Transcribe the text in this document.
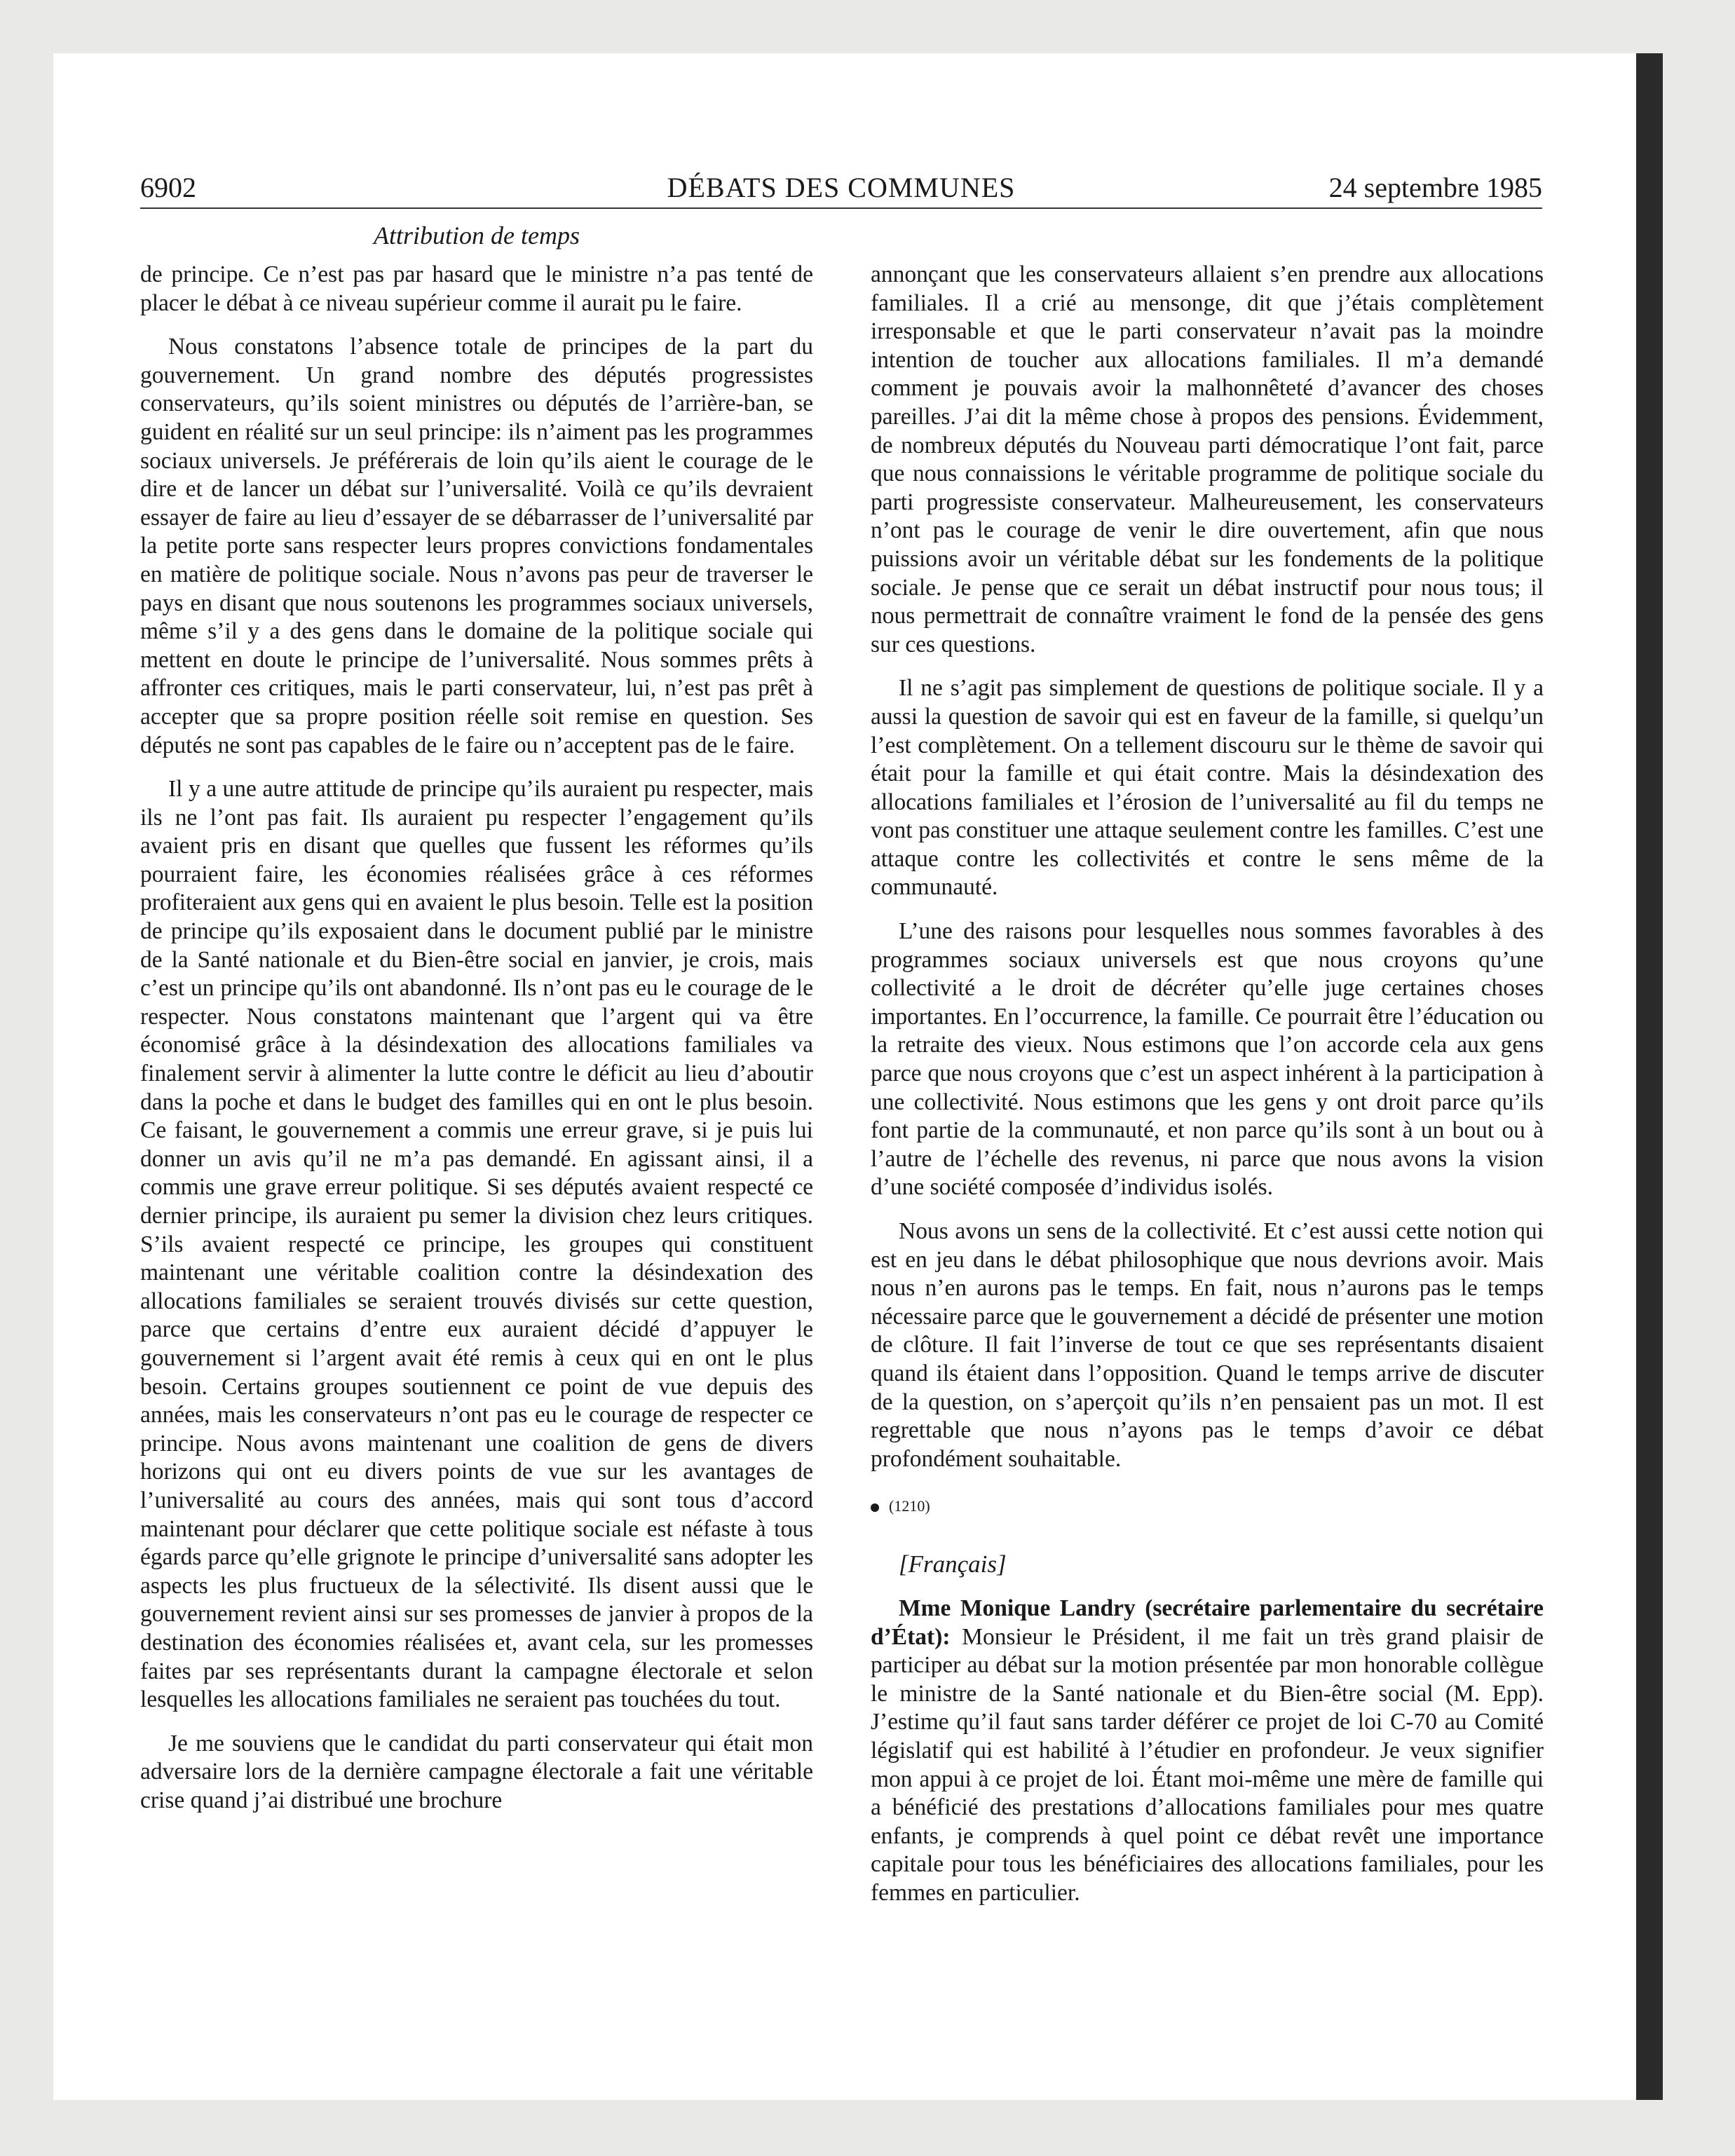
6902	DÉBATS DES COMMUNES	24 septembre 1985
Attribution de temps

de principe. Ce n’est pas par hasard que le ministre n’a pas tenté de placer le débat à ce niveau supérieur comme il aurait pu le faire.

Nous constatons l’absence totale de principes de la part du gouvernement. Un grand nombre des députés progressistes conservateurs, qu’ils soient ministres ou députés de l’arrière-ban, se guident en réalité sur un seul principe: ils n’aiment pas les programmes sociaux universels. Je préférerais de loin qu’ils aient le courage de le dire et de lancer un débat sur l’universalité. Voilà ce qu’ils devraient essayer de faire au lieu d’essayer de se débarrasser de l’universalité par la petite porte sans respecter leurs propres convictions fondamentales en matière de politique sociale. Nous n’avons pas peur de traverser le pays en disant que nous soutenons les programmes sociaux universels, même s’il y a des gens dans le domaine de la politique sociale qui mettent en doute le principe de l’universalité. Nous sommes prêts à affronter ces critiques, mais le parti conservateur, lui, n’est pas prêt à accepter que sa propre position réelle soit remise en question. Ses députés ne sont pas capables de le faire ou n’acceptent pas de le faire.

Il y a une autre attitude de principe qu’ils auraient pu respecter, mais ils ne l’ont pas fait. Ils auraient pu respecter l’engagement qu’ils avaient pris en disant que quelles que fussent les réformes qu’ils pourraient faire, les économies réalisées grâce à ces réformes profiteraient aux gens qui en avaient le plus besoin. Telle est la position de principe qu’ils exposaient dans le document publié par le ministre de la Santé nationale et du Bien-être social en janvier, je crois, mais c’est un principe qu’ils ont abandonné. Ils n’ont pas eu le courage de le respecter. Nous constatons maintenant que l’argent qui va être économisé grâce à la désindexation des allocations familiales va finalement servir à alimenter la lutte contre le déficit au lieu d’aboutir dans la poche et dans le budget des familles qui en ont le plus besoin. Ce faisant, le gouvernement a commis une erreur grave, si je puis lui donner un avis qu’il ne m’a pas demandé. En agissant ainsi, il a commis une grave erreur politique. Si ses députés avaient respecté ce dernier principe, ils auraient pu semer la division chez leurs critiques. S’ils avaient respecté ce principe, les groupes qui constituent maintenant une véritable coalition contre la désindexation des allocations familiales se seraient trouvés divisés sur cette question, parce que certains d’entre eux auraient décidé d’appuyer le gouvernement si l’argent avait été remis à ceux qui en ont le plus besoin. Certains groupes soutiennent ce point de vue depuis des années, mais les conservateurs n’ont pas eu le courage de respecter ce principe. Nous avons maintenant une coalition de gens de divers horizons qui ont eu divers points de vue sur les avantages de l’universalité au cours des années, mais qui sont tous d’accord maintenant pour déclarer que cette politique sociale est néfaste à tous égards parce qu’elle grignote le principe d’universalité sans adopter les aspects les plus fructueux de la sélectivité. Ils disent aussi que le gouvernement revient ainsi sur ses promesses de janvier à propos de la destination des économies réalisées et, avant cela, sur les promesses faites par ses représentants durant la campagne électorale et selon lesquelles les allocations familiales ne seraient pas touchées du tout.

Je me souviens que le candidat du parti conservateur qui était mon adversaire lors de la dernière campagne électorale a fait une véritable crise quand j’ai distribué une brochure

annonçant que les conservateurs allaient s’en prendre aux allocations familiales. Il a crié au mensonge, dit que j’étais complètement irresponsable et que le parti conservateur n’avait pas la moindre intention de toucher aux allocations familiales. Il m’a demandé comment je pouvais avoir la malhonnêteté d’avancer des choses pareilles. J’ai dit la même chose à propos des pensions. Évidemment, de nombreux députés du Nouveau parti démocratique l’ont fait, parce que nous connaissions le véritable programme de politique sociale du parti progressiste conservateur. Malheureusement, les conservateurs n’ont pas le courage de venir le dire ouvertement, afin que nous puissions avoir un véritable débat sur les fondements de la politique sociale. Je pense que ce serait un débat instructif pour nous tous; il nous permettrait de connaître vraiment le fond de la pensée des gens sur ces questions.

Il ne s’agit pas simplement de questions de politique sociale. Il y a aussi la question de savoir qui est en faveur de la famille, si quelqu’un l’est complètement. On a tellement discouru sur le thème de savoir qui était pour la famille et qui était contre. Mais la désindexation des allocations familiales et l’érosion de l’universalité au fil du temps ne vont pas constituer une attaque seulement contre les familles. C’est une attaque contre les collectivités et contre le sens même de la communauté.

L’une des raisons pour lesquelles nous sommes favorables à des programmes sociaux universels est que nous croyons qu’une collectivité a le droit de décréter qu’elle juge certaines choses importantes. En l’occurrence, la famille. Ce pourrait être l’éducation ou la retraite des vieux. Nous estimons que l’on accorde cela aux gens parce que nous croyons que c’est un aspect inhérent à la participation à une collectivité. Nous estimons que les gens y ont droit parce qu’ils font partie de la communauté, et non parce qu’ils sont à un bout ou à l’autre de l’échelle des revenus, ni parce que nous avons la vision d’une société composée d’individus isolés.

Nous avons un sens de la collectivité. Et c’est aussi cette notion qui est en jeu dans le débat philosophique que nous devrions avoir. Mais nous n’en aurons pas le temps. En fait, nous n’aurons pas le temps nécessaire parce que le gouvernement a décidé de présenter une motion de clôture. Il fait l’inverse de tout ce que ses représentants disaient quand ils étaient dans l’opposition. Quand le temps arrive de discuter de la question, on s’aperçoit qu’ils n’en pensaient pas un mot. Il est regrettable que nous n’ayons pas le temps d’avoir ce débat profondément souhaitable.

(1210)

[Français]

Mme Monique Landry (secrétaire parlementaire du secrétaire d’État): Monsieur le Président, il me fait un très grand plaisir de participer au débat sur la motion présentée par mon honorable collègue le ministre de la Santé nationale et du Bien-être social (M. Epp). J’estime qu’il faut sans tarder déférer ce projet de loi C-70 au Comité législatif qui est habilité à l’étudier en profondeur. Je veux signifier mon appui à ce projet de loi. Étant moi-même une mère de famille qui a bénéficié des prestations d’allocations familiales pour mes quatre enfants, je comprends à quel point ce débat revêt une importance capitale pour tous les bénéficiaires des allocations familiales, pour les femmes en particulier.
